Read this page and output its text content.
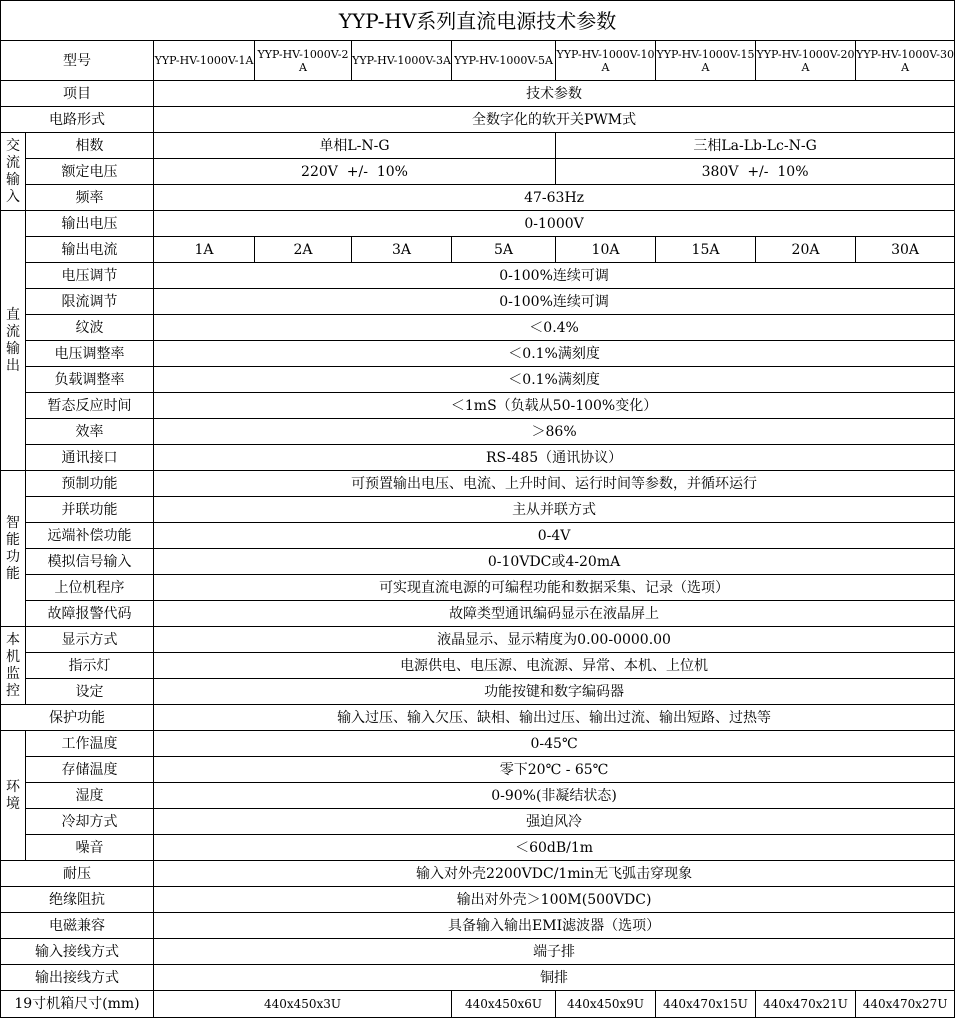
YYP-HV系列直流电源技术参数									
型号		YYP-HV-1000V-1A	YYP-HV-1000V-2A	YYP-HV-1000V-3A	YYP-HV-1000V-5A	YYP-HV-1000V-10A	YYP-HV-1000V-15A	YYP-HV-1000V-20A	YYP-HV-1000V-30A
项目		技术参数							
电路形式		全数字化的软开关PWM式							
交流输入	相数	单相L-N-G				三相La-Lb-Lc-N-G			
	额定电压	220V  +/-  10%				380V  +/-  10%			
	频率	47-63Hz							
直流输出	输出电压	0-1000V							
	输出电流	1A	2A	3A	5A	10A	15A	20A	30A
	电压调节	0-100%连续可调							
	限流调节	0-100%连续可调							
	纹波	＜0.4%							
	电压调整率	＜0.1%满刻度							
	负载调整率	＜0.1%满刻度							
	暂态反应时间	＜1mS（负载从50-100%变化）							
	效率	＞86%							
	通讯接口	RS-485（通讯协议）							
智能功能	预制功能	可预置输出电压、电流、上升时间、运行时间等参数，并循环运行							
	并联功能	主从并联方式							
	远端补偿功能	0-4V							
	模拟信号输入	0-10VDC或4-20mA							
	上位机程序	可实现直流电源的可编程功能和数据采集、记录（选项）							
	故障报警代码	故障类型通讯编码显示在液晶屏上							
本机监控	显示方式	液晶显示、显示精度为0.00-0000.00							
	指示灯	电源供电、电压源、电流源、异常、本机、上位机							
	设定	功能按键和数字编码器							
保护功能		输入过压、输入欠压、缺相、输出过压、输出过流、输出短路、过热等							
环境	工作温度	0-45℃							
	存储温度	零下20℃ - 65℃							
	湿度	0-90%(非凝结状态)							
	冷却方式	强迫风冷							
	噪音	＜60dB/1m							
耐压		输入对外壳2200VDC/1min无飞弧击穿现象							
绝缘阻抗		输出对外壳＞100M(500VDC)							
电磁兼容		具备输入输出EMI滤波器（选项）							
输入接线方式		端子排							
输出接线方式		铜排							
19寸机箱尺寸(mm)		440x450x3U			440x450x6U	440x450x9U	440x470x15U	440x470x21U	440x470x27U
